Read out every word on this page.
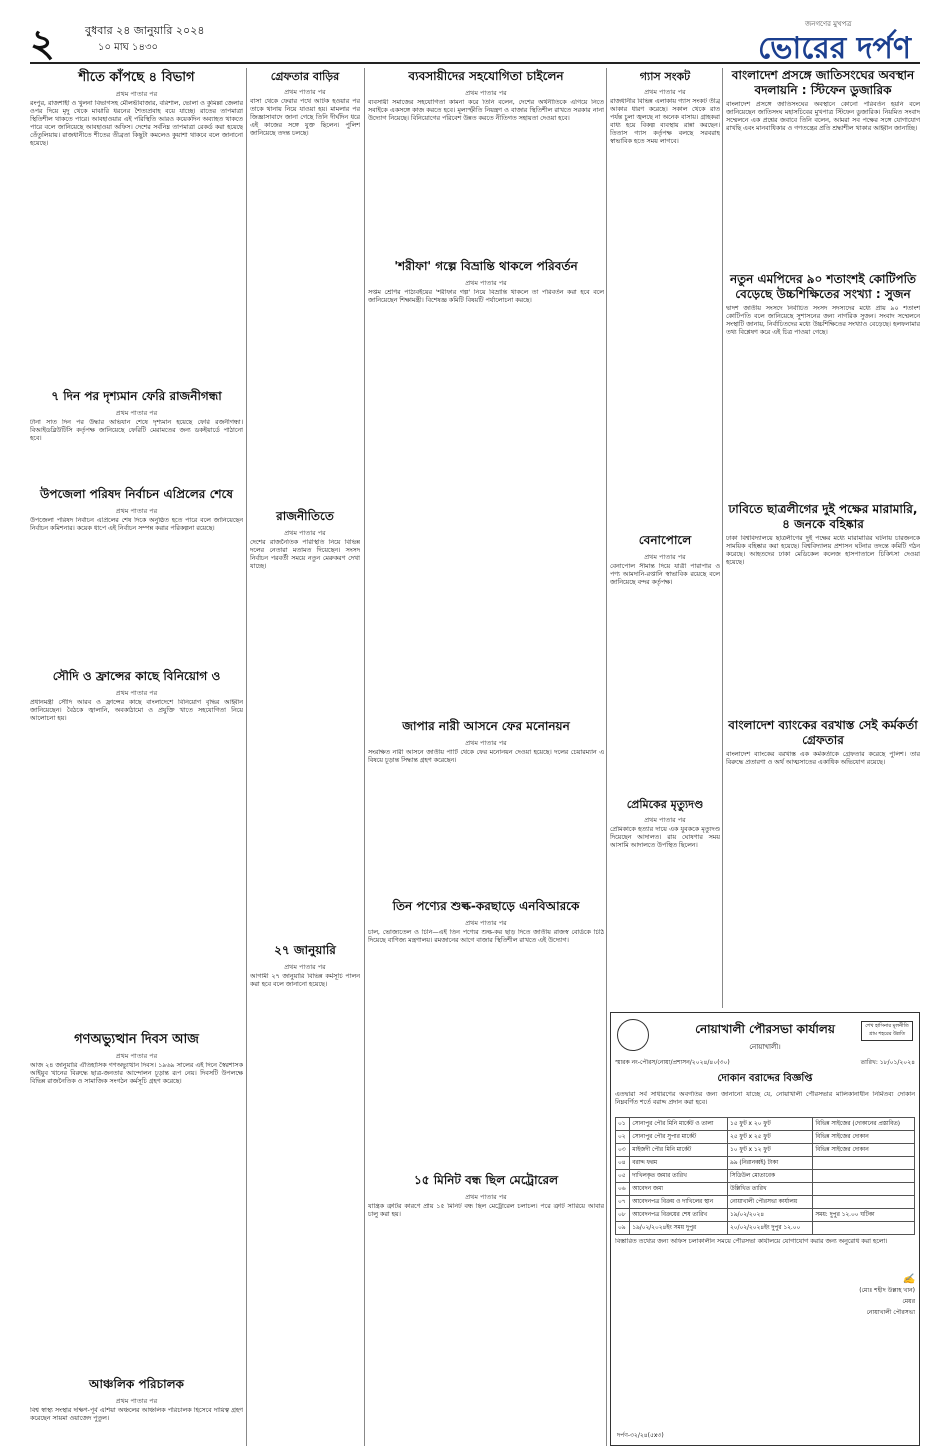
২	বুধবার ২৪ জানুয়ারি ২০২৪
১০ মাঘ ১৪৩০
জনগণের মুখপত্র
ভোরের দর্পণ
শীতে কাঁপছে ৪ বিভাগ
প্রথম পাতার পর
রংপুর, রাজশাহী ও খুলনা বিভাগসহ মৌলভীবাজার, বরিশাল, ভোলা ও কুমিল্লা জেলার ওপর দিয়ে মৃদু থেকে মাঝারি ধরনের শৈত্যপ্রবাহ বয়ে যাচ্ছে। রাতের তাপমাত্রা স্থিতিশীল থাকতে পারে। আবহাওয়ার এই পরিস্থিতি আরও কয়েকদিন অব্যাহত থাকতে পারে বলে জানিয়েছে আবহাওয়া অফিস। দেশের সর্বনিম্ন তাপমাত্রা রেকর্ড করা হয়েছে তেঁতুলিয়ায়। রাজধানীতে শীতের তীব্রতা কিছুটা কমলেও কুয়াশা থাকবে বলে জানানো হয়েছে।
৭ দিন পর দৃশ্যমান ফেরি রাজনীগন্ধা
প্রথম পাতার পর
টানা সাত দিন পর উদ্ধার অভিযান শেষে দৃশ্যমান হয়েছে ফেরি রজনীগন্ধা। বিআইডব্লিউটিসি কর্তৃপক্ষ জানিয়েছে ফেরিটি মেরামতের জন্য ডকইয়ার্ডে পাঠানো হবে।
উপজেলা পরিষদ নির্বাচন এপ্রিলের শেষে
প্রথম পাতার পর
উপজেলা পরিষদ নির্বাচন এপ্রিলের শেষ দিকে অনুষ্ঠিত হতে পারে বলে জানিয়েছেন নির্বাচন কমিশনার। কয়েক ধাপে এই নির্বাচন সম্পন্ন করার পরিকল্পনা রয়েছে।
সৌদি ও ফ্রান্সের কাছে বিনিয়োগ ও
প্রথম পাতার পর
প্রধানমন্ত্রী সৌদি আরব ও ফ্রান্সের কাছে বাংলাদেশে বিনিয়োগ বৃদ্ধির আহ্বান জানিয়েছেন। বৈঠকে জ্বালানি, অবকাঠামো ও প্রযুক্তি খাতে সহযোগিতা নিয়ে আলোচনা হয়।
গণঅভ্যুত্থান দিবস আজ
প্রথম পাতার পর
আজ ২৪ জানুয়ারি ঐতিহাসিক গণঅভ্যুত্থান দিবস। ১৯৬৯ সালের এই দিনে স্বৈরশাসক আইয়ুব খানের বিরুদ্ধে ছাত্র-জনতার আন্দোলন চূড়ান্ত রূপ নেয়। দিবসটি উপলক্ষে বিভিন্ন রাজনৈতিক ও সামাজিক সংগঠন কর্মসূচি গ্রহণ করেছে।
আঞ্চলিক পরিচালক
প্রথম পাতার পর
বিশ্ব স্বাস্থ্য সংস্থার দক্ষিণ-পূর্ব এশিয়া অঞ্চলের আঞ্চলিক পরিচালক হিসেবে দায়িত্ব গ্রহণ করেছেন সায়মা ওয়াজেদ পুতুল।
গ্রেফতার বাড়ির
প্রথম পাতার পর
বাসা থেকে ফেরার পথে আটক হওয়ার পর তাকে থানায় নিয়ে যাওয়া হয়। মামলার পর জিজ্ঞাসাবাদে জানা গেছে তিনি দীর্ঘদিন ধরে এই কাজের সঙ্গে যুক্ত ছিলেন। পুলিশ জানিয়েছে তদন্ত চলছে।
রাজনীতিতে
প্রথম পাতার পর
দেশের রাজনৈতিক পরিস্থিতি নিয়ে বিভিন্ন দলের নেতারা মতামত দিয়েছেন। সংসদ নির্বাচন পরবর্তী সময়ে নতুন মেরুকরণ দেখা যাচ্ছে।
২৭ জানুয়ারি
প্রথম পাতার পর
আগামী ২৭ জানুয়ারি বিভিন্ন কর্মসূচি পালন করা হবে বলে জানানো হয়েছে।
ব্যবসায়ীদের সহযোগিতা চাইলেন
প্রথম পাতার পর
ব্যবসায়ী সমাজের সহযোগিতা কামনা করে তিনি বলেন, দেশের অর্থনীতিকে এগিয়ে নিতে সবাইকে একসঙ্গে কাজ করতে হবে। মূল্যস্ফীতি নিয়ন্ত্রণ ও বাজার স্থিতিশীল রাখতে সরকার নানা উদ্যোগ নিয়েছে। বিনিয়োগের পরিবেশ উন্নত করতে নীতিগত সহায়তা দেওয়া হবে।
'শরীফা' গল্পে বিভ্রান্তি থাকলে পরিবর্তন
প্রথম পাতার পর
সপ্তম শ্রেণির পাঠ্যবইয়ের 'শরীফার গল্প' নিয়ে বিভ্রান্তি থাকলে তা পরিবর্তন করা হবে বলে জানিয়েছেন শিক্ষামন্ত্রী। বিশেষজ্ঞ কমিটি বিষয়টি পর্যালোচনা করছে।
জাপার নারী আসনে ফের মনোনয়ন
প্রথম পাতার পর
সংরক্ষিত নারী আসনে জাতীয় পার্টি থেকে ফের মনোনয়ন দেওয়া হয়েছে। দলের চেয়ারম্যান এ বিষয়ে চূড়ান্ত সিদ্ধান্ত গ্রহণ করেছেন।
তিন পণ্যের শুল্ক-করছাড়ে এনবিআরকে
প্রথম পাতার পর
চাল, ভোজ্যতেল ও চিনি—এই তিন পণ্যের শুল্ক-কর ছাড় দিতে জাতীয় রাজস্ব বোর্ডকে চিঠি দিয়েছে বাণিজ্য মন্ত্রণালয়। রমজানের আগে বাজার স্থিতিশীল রাখতে এই উদ্যোগ।
১৫ মিনিট বন্ধ ছিল মেট্রোরেল
প্রথম পাতার পর
যান্ত্রিক ত্রুটির কারণে প্রায় ১৫ মিনিট বন্ধ ছিল মেট্রোরেল চলাচল। পরে ত্রুটি সারিয়ে আবার চালু করা হয়।
গ্যাস সংকট
প্রথম পাতার পর
রাজধানীর বিভিন্ন এলাকায় গ্যাস সংকট তীব্র আকার ধারণ করেছে। সকাল থেকে রাত পর্যন্ত চুলা জ্বলছে না অনেক বাসায়। গ্রাহকরা বাধ্য হয়ে বিকল্প ব্যবস্থায় রান্না করছেন। তিতাস গ্যাস কর্তৃপক্ষ বলছে সরবরাহ স্বাভাবিক হতে সময় লাগবে।
বেনাপোলে
প্রথম পাতার পর
বেনাপোল সীমান্ত দিয়ে যাত্রী পারাপার ও পণ্য আমদানি-রপ্তানি স্বাভাবিক রয়েছে বলে জানিয়েছে বন্দর কর্তৃপক্ষ।
প্রেমিকের মৃত্যুদণ্ড
প্রথম পাতার পর
প্রেমিকাকে হত্যার দায়ে এক যুবককে মৃত্যুদণ্ড দিয়েছেন আদালত। রায় ঘোষণার সময় আসামি আদালতে উপস্থিত ছিলেন।
বাংলাদেশ প্রসঙ্গে জাতিসংঘের অবস্থান বদলায়নি : স্টিফেন ডুজারিক
বাংলাদেশ প্রসঙ্গে জাতিসংঘের অবস্থানে কোনো পরিবর্তন হয়নি বলে জানিয়েছেন জাতিসংঘ মহাসচিবের মুখপাত্র স্টিফেন ডুজারিক। নিয়মিত সংবাদ সম্মেলনে এক প্রশ্নের জবাবে তিনি বলেন, আমরা সব পক্ষের সঙ্গে যোগাযোগ রাখছি এবং মানবাধিকার ও গণতন্ত্রের প্রতি শ্রদ্ধাশীল থাকার আহ্বান জানাচ্ছি।
নতুন এমপিদের ৯০ শতাংশই কোটিপতি বেড়েছে উচ্চশিক্ষিতের সংখ্যা : সুজন
দ্বাদশ জাতীয় সংসদে নির্বাচিত সংসদ সদস্যদের মধ্যে প্রায় ৯০ শতাংশ কোটিপতি বলে জানিয়েছে সুশাসনের জন্য নাগরিক সুজন। সংবাদ সম্মেলনে সংস্থাটি জানায়, নির্বাচিতদের মধ্যে উচ্চশিক্ষিতের সংখ্যাও বেড়েছে। হলফনামার তথ্য বিশ্লেষণ করে এই চিত্র পাওয়া গেছে।
ঢাবিতে ছাত্রলীগের দুই পক্ষের মারামারি, ৪ জনকে বহিষ্কার
ঢাকা বিশ্ববিদ্যালয়ে ছাত্রলীগের দুই পক্ষের মধ্যে মারামারির ঘটনায় চারজনকে সাময়িক বহিষ্কার করা হয়েছে। বিশ্ববিদ্যালয় প্রশাসন ঘটনার তদন্তে কমিটি গঠন করেছে। আহতদের ঢাকা মেডিকেল কলেজ হাসপাতালে চিকিৎসা দেওয়া হয়েছে।
বাংলাদেশ ব্যাংকের বরখাস্ত সেই কর্মকর্তা গ্রেফতার
বাংলাদেশ ব্যাংকের বরখাস্ত এক কর্মকর্তাকে গ্রেফতার করেছে পুলিশ। তার বিরুদ্ধে প্রতারণা ও অর্থ আত্মসাতের একাধিক অভিযোগ রয়েছে।
নোয়াখালী পৌরসভা কার্যালয়
নোয়াখালী।
শেখ হাসিনার মূলনীতি গ্রাম শহরের উন্নতি
স্মারক নং-পৌরস/নোয়া/প্রশাসন/২০২৪/৪০(৩০)	তারিখ: ১৮/০১/২০২৪
দোকান বরাদ্দের বিজ্ঞপ্তি
এতদ্বারা সর্ব সাধারণের অবগতির জন্য জানানো যাচ্ছে যে, নোয়াখালী পৌরসভার মালিকানাধীন নির্মিতব্য দোকান নিম্নবর্ণিত শর্তে বরাদ্দ প্রদান করা হবে।
০১	সোনাপুর পৌর মিনি মার্কেট ও তালা	১৫ ফুট x ২০ ফুট	বিভিন্ন সাইজের (দোকানের প্রস্তাবিত)
০২	সোনাপুর পৌর সুপার মার্কেট	২৫ ফুট x ২৫ ফুট	বিভিন্ন সাইজের দোকান
০৩	মাইজদী পৌর মিনি মার্কেট	১০ ফুট x ১২ ফুট	বিভিন্ন সাইজের দোকান
০৪	বরাদ্দ ফরম	৯৯ (নিরানব্বই) টাকা	
০৫	দাখিলকৃত জমার তারিখ	সিডিউল মোতাবেক	
০৬	আবেদন জমা	উল্লিখিত তারিখ	
০৭	আবেদনপত্র বিক্রয় ও দাখিলের স্থান	নোয়াখালী পৌরসভা কার্যালয়	
০৮	আবেদনপত্র বিক্রয়ের শেষ তারিখ	১৯/০২/২০২৪	সময়: দুপুর ১২.০০ ঘটিকা
০৯	১৯/০২/২০২৪ইং সময় দুপুর	২০/০২/২০২৪ইং দুপুর ১২.০০	
বিস্তারিত তথ্যের জন্য অফিস চলাকালীন সময়ে পৌরসভা কার্যালয়ে যোগাযোগ করার জন্য অনুরোধ করা হলো।
✍
(মোঃ শহীদ উল্লাহ খান)
মেয়র
নোয়াখালী পৌরসভা
দর্পণ-৩২/২৪(৫x৩)
